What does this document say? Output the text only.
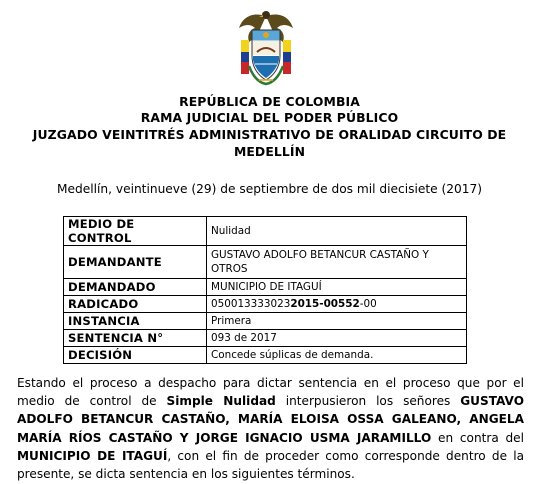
REPÚBLICA DE COLOMBIA
RAMA JUDICIAL DEL PODER PÚBLICO
JUZGADO VEINTITRÉS ADMINISTRATIVO DE ORALIDAD CIRCUITO DE
MEDELLÍN
Medellín, veintinueve (29) de septiembre de dos mil diecisiete (2017)
MEDIO DE CONTROL	Nulidad
DEMANDANTE	GUSTAVO ADOLFO BETANCUR CASTAÑO Y OTROS
DEMANDADO	MUNICIPIO DE ITAGUÍ
RADICADO	0500133330232015-00552-00
INSTANCIA	Primera
SENTENCIA N°	093 de 2017
DECISIÓN	Concede súplicas de demanda.
Estando el proceso a despacho para dictar sentencia en el proceso que por el medio de control de Simple Nulidad interpusieron los señores GUSTAVO ADOLFO BETANCUR CASTAÑO, MARÍA ELOISA OSSA GALEANO, ANGELA MARÍA RÍOS CASTAÑO Y JORGE IGNACIO USMA JARAMILLO en contra del MUNICIPIO DE ITAGUÍ, con el fin de proceder como corresponde dentro de la presente, se dicta sentencia en los siguientes términos.
